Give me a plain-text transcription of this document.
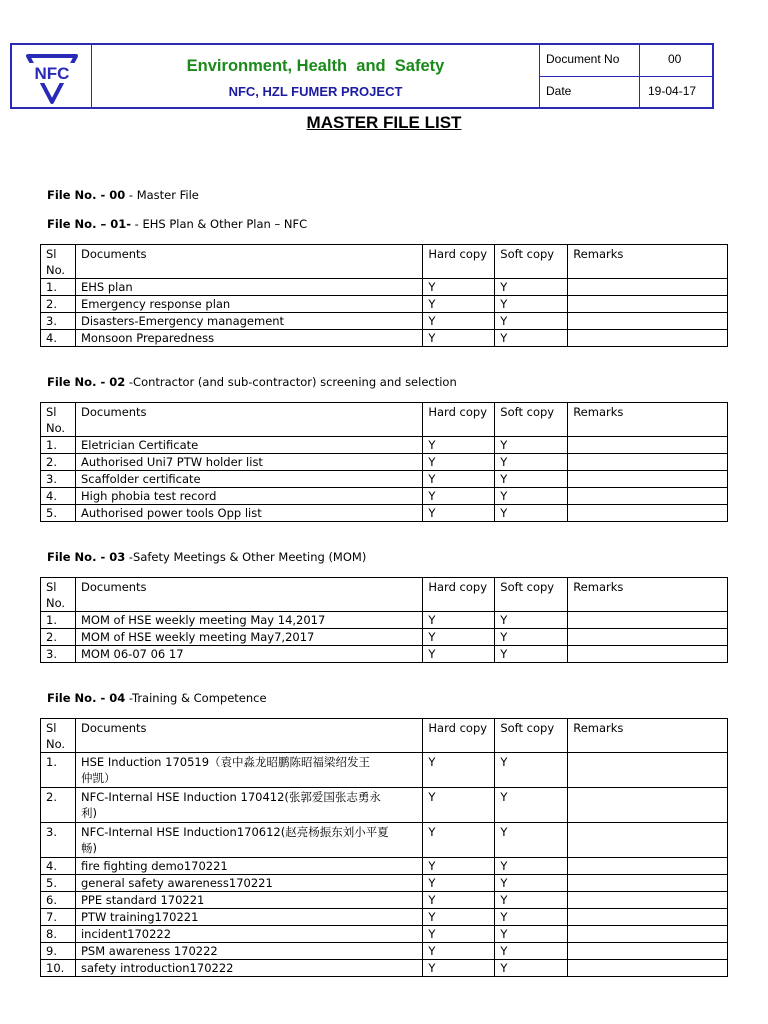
NFC	Environment, Health  and  Safety
NFC, HZL FUMER PROJECT
Document No	00
Date	19-04-17
MASTER FILE LIST
File No. - 00 - Master File
File No. – 01- - EHS Plan & Other Plan – NFC
Sl
No.	Documents	Hard copy	Soft copy	Remarks
1.	EHS plan	Y	Y	
2.	Emergency response plan	Y	Y	
3.	Disasters-Emergency management	Y	Y	
4.	Monsoon Preparedness	Y	Y	
File No. - 02 -Contractor (and sub-contractor) screening and selection
Sl
No.	Documents	Hard copy	Soft copy	Remarks
1.	Eletrician Certificate	Y	Y	
2.	Authorised Uni7 PTW holder list	Y	Y	
3.	Scaffolder certificate	Y	Y	
4.	High phobia test record	Y	Y	
5.	Authorised power tools Opp list	Y	Y	
File No. - 03 -Safety Meetings & Other Meeting (MOM)
Sl
No.	Documents	Hard copy	Soft copy	Remarks
1.	MOM of HSE weekly meeting May 14,2017	Y	Y	
2.	MOM of HSE weekly meeting May7,2017	Y	Y	
3.	MOM 06-07 06 17	Y	Y	
File No. - 04 -Training & Competence
Sl
No.	Documents	Hard copy	Soft copy	Remarks
1.	HSE Induction 170519（袁中淼龙昭鹏陈昭福梁绍发王
仲凯）	Y	Y	
2.	NFC-Internal HSE Induction 170412(张郭爱国张志勇永
利)	Y	Y	
3.	NFC-Internal HSE Induction170612(赵亮杨振东刘小平夏
畅)	Y	Y	
4.	fire fighting demo170221	Y	Y	
5.	general safety awareness170221	Y	Y	
6.	PPE standard 170221	Y	Y	
7.	PTW training170221	Y	Y	
8.	incident170222	Y	Y	
9.	PSM awareness 170222	Y	Y	
10.	safety introduction170222	Y	Y	
